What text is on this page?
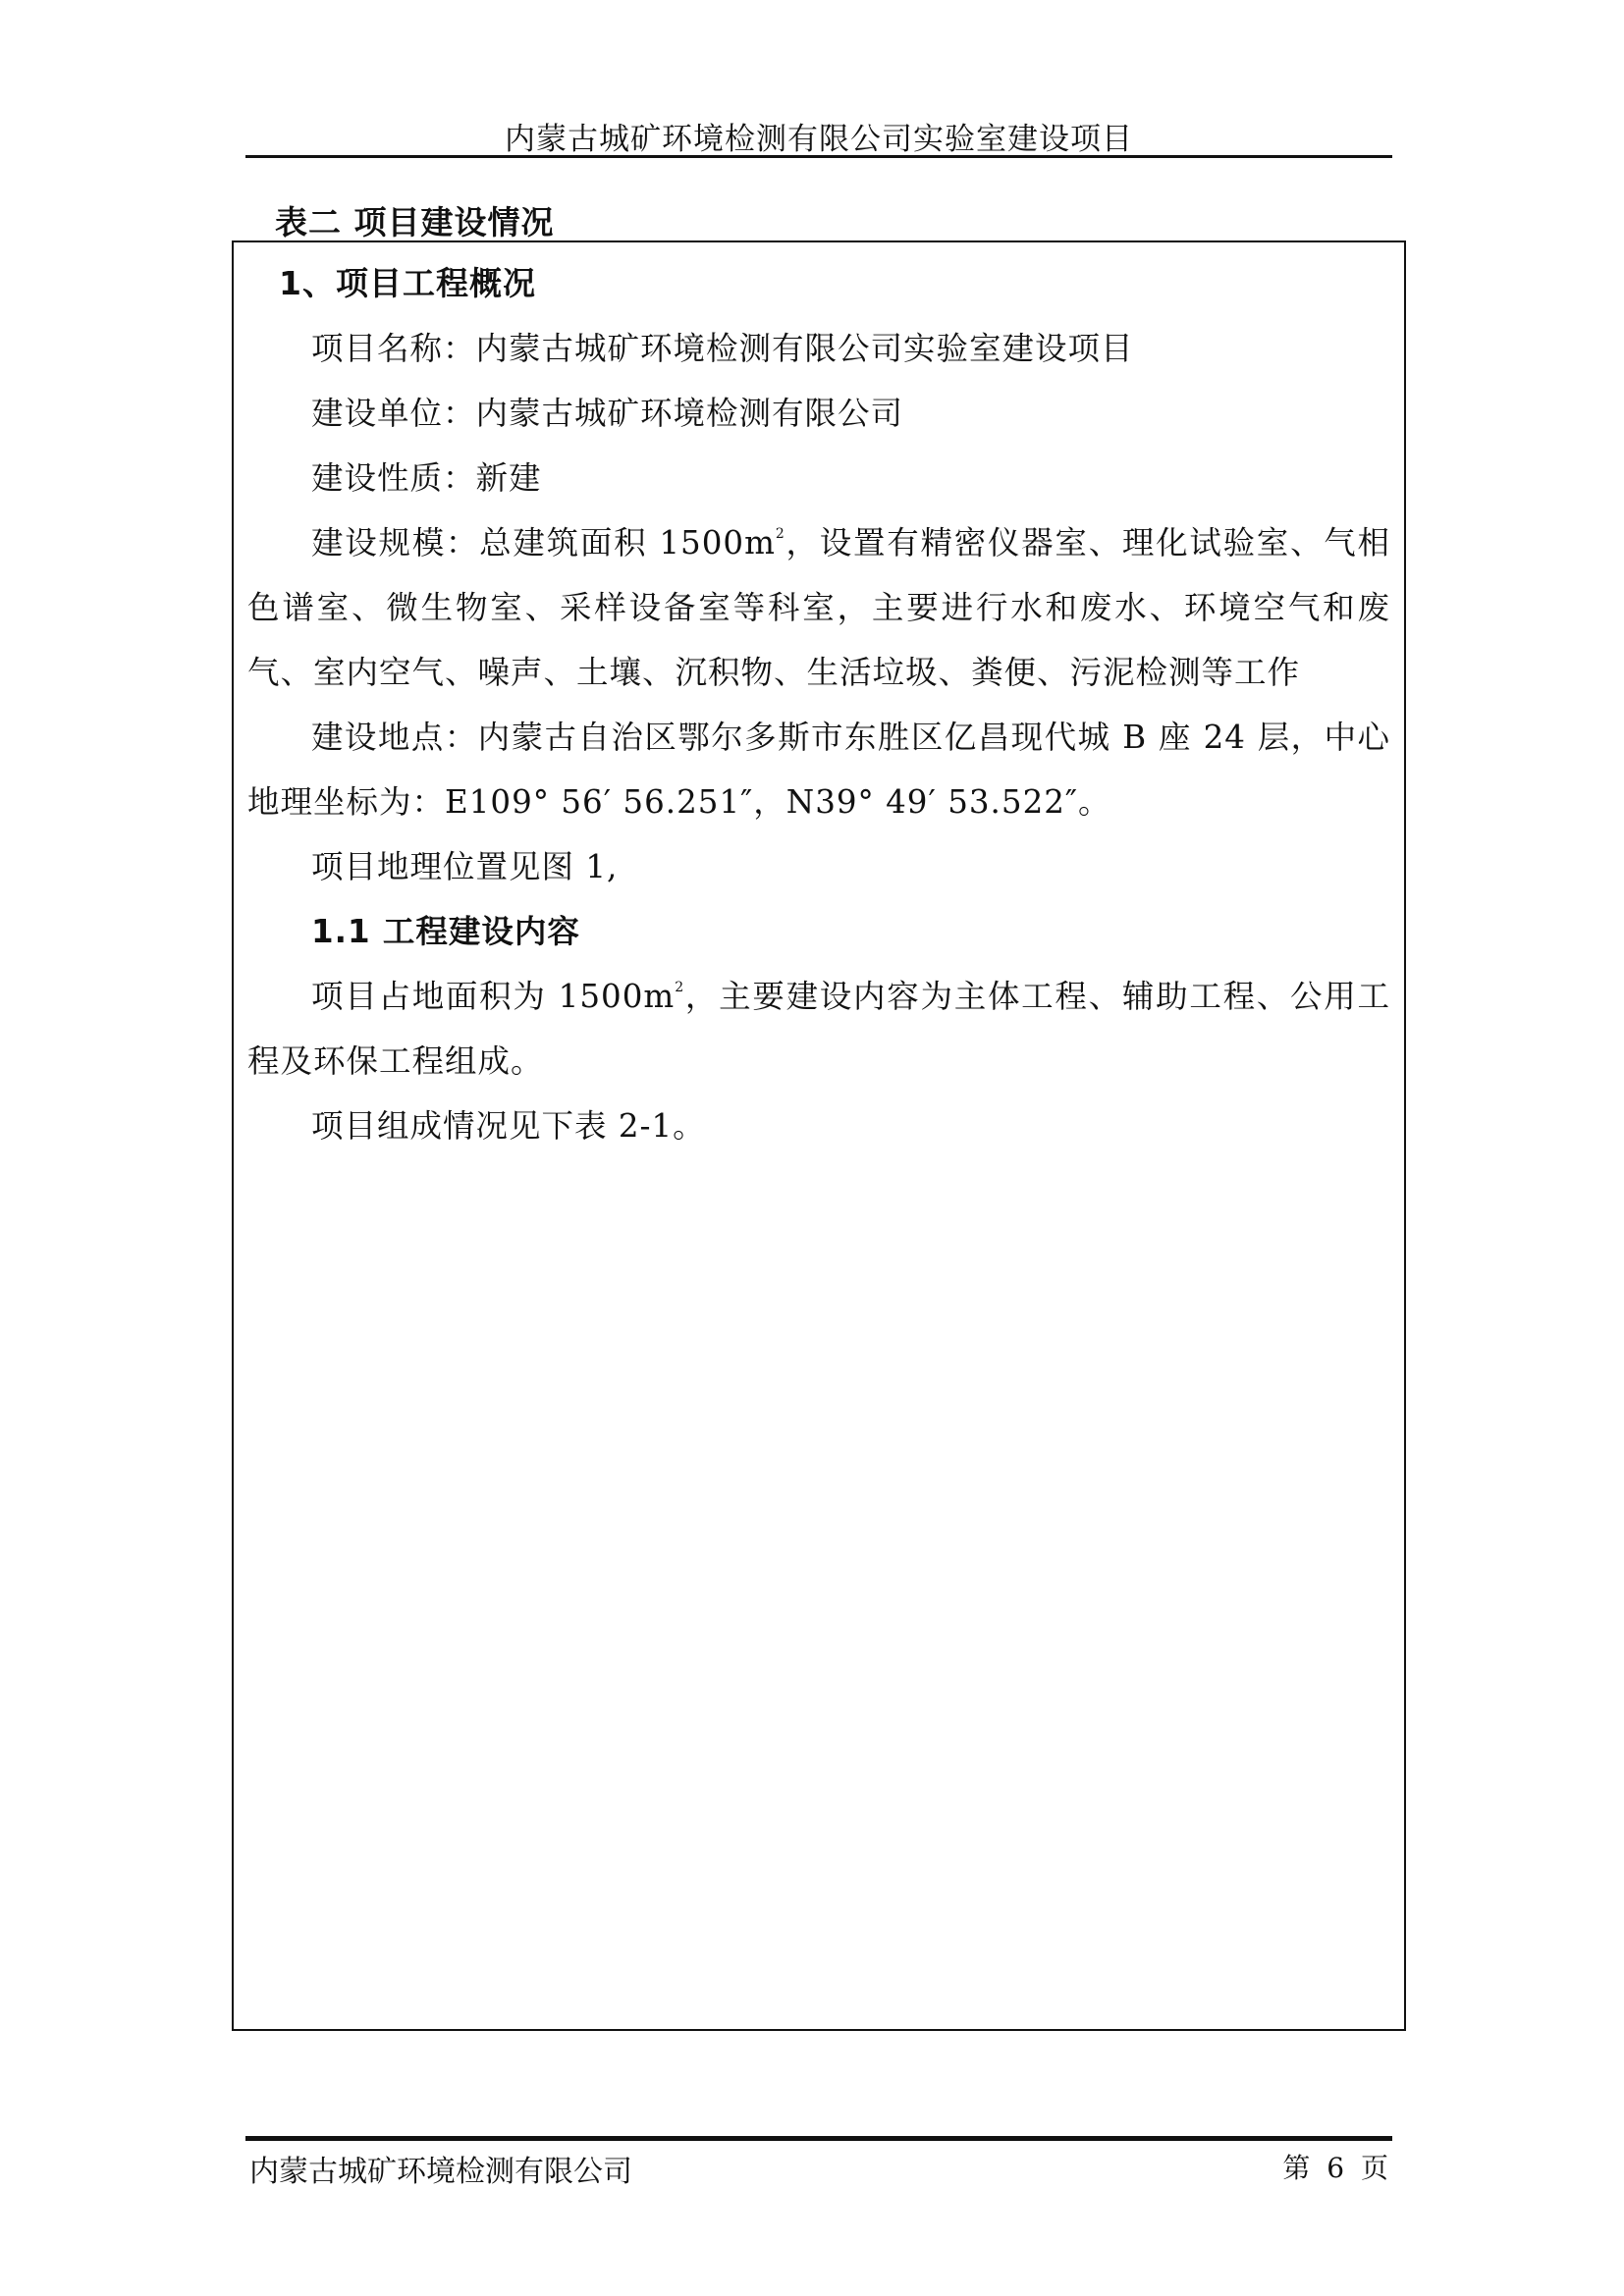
内蒙古城矿环境检测有限公司实验室建设项目
表二 项目建设情况
1、项目工程概况

项目名称：内蒙古城矿环境检测有限公司实验室建设项目

建设单位：内蒙古城矿环境检测有限公司

建设性质：新建

建设规模：总建筑面积 $1500m^2$，设置有精密仪器室、理化试验室、气相色谱室、微生物室、采样设备室等科室，主要进行水和废水、环境空气和废气、室内空气、噪声、土壤、沉积物、生活垃圾、粪便、污泥检测等工作

建设地点：内蒙古自治区鄂尔多斯市东胜区亿昌现代城 B 座 24 层，中心地理坐标为：E109° 56′ 56.251″，N39° 49′ 53.522″。

项目地理位置见图 1,

1.1 工程建设内容

项目占地面积为 $1500m^2$，主要建设内容为主体工程、辅助工程、公用工程及环保工程组成。

项目组成情况见下表 2-1。

内蒙古城矿环境检测有限公司	第 6 页
